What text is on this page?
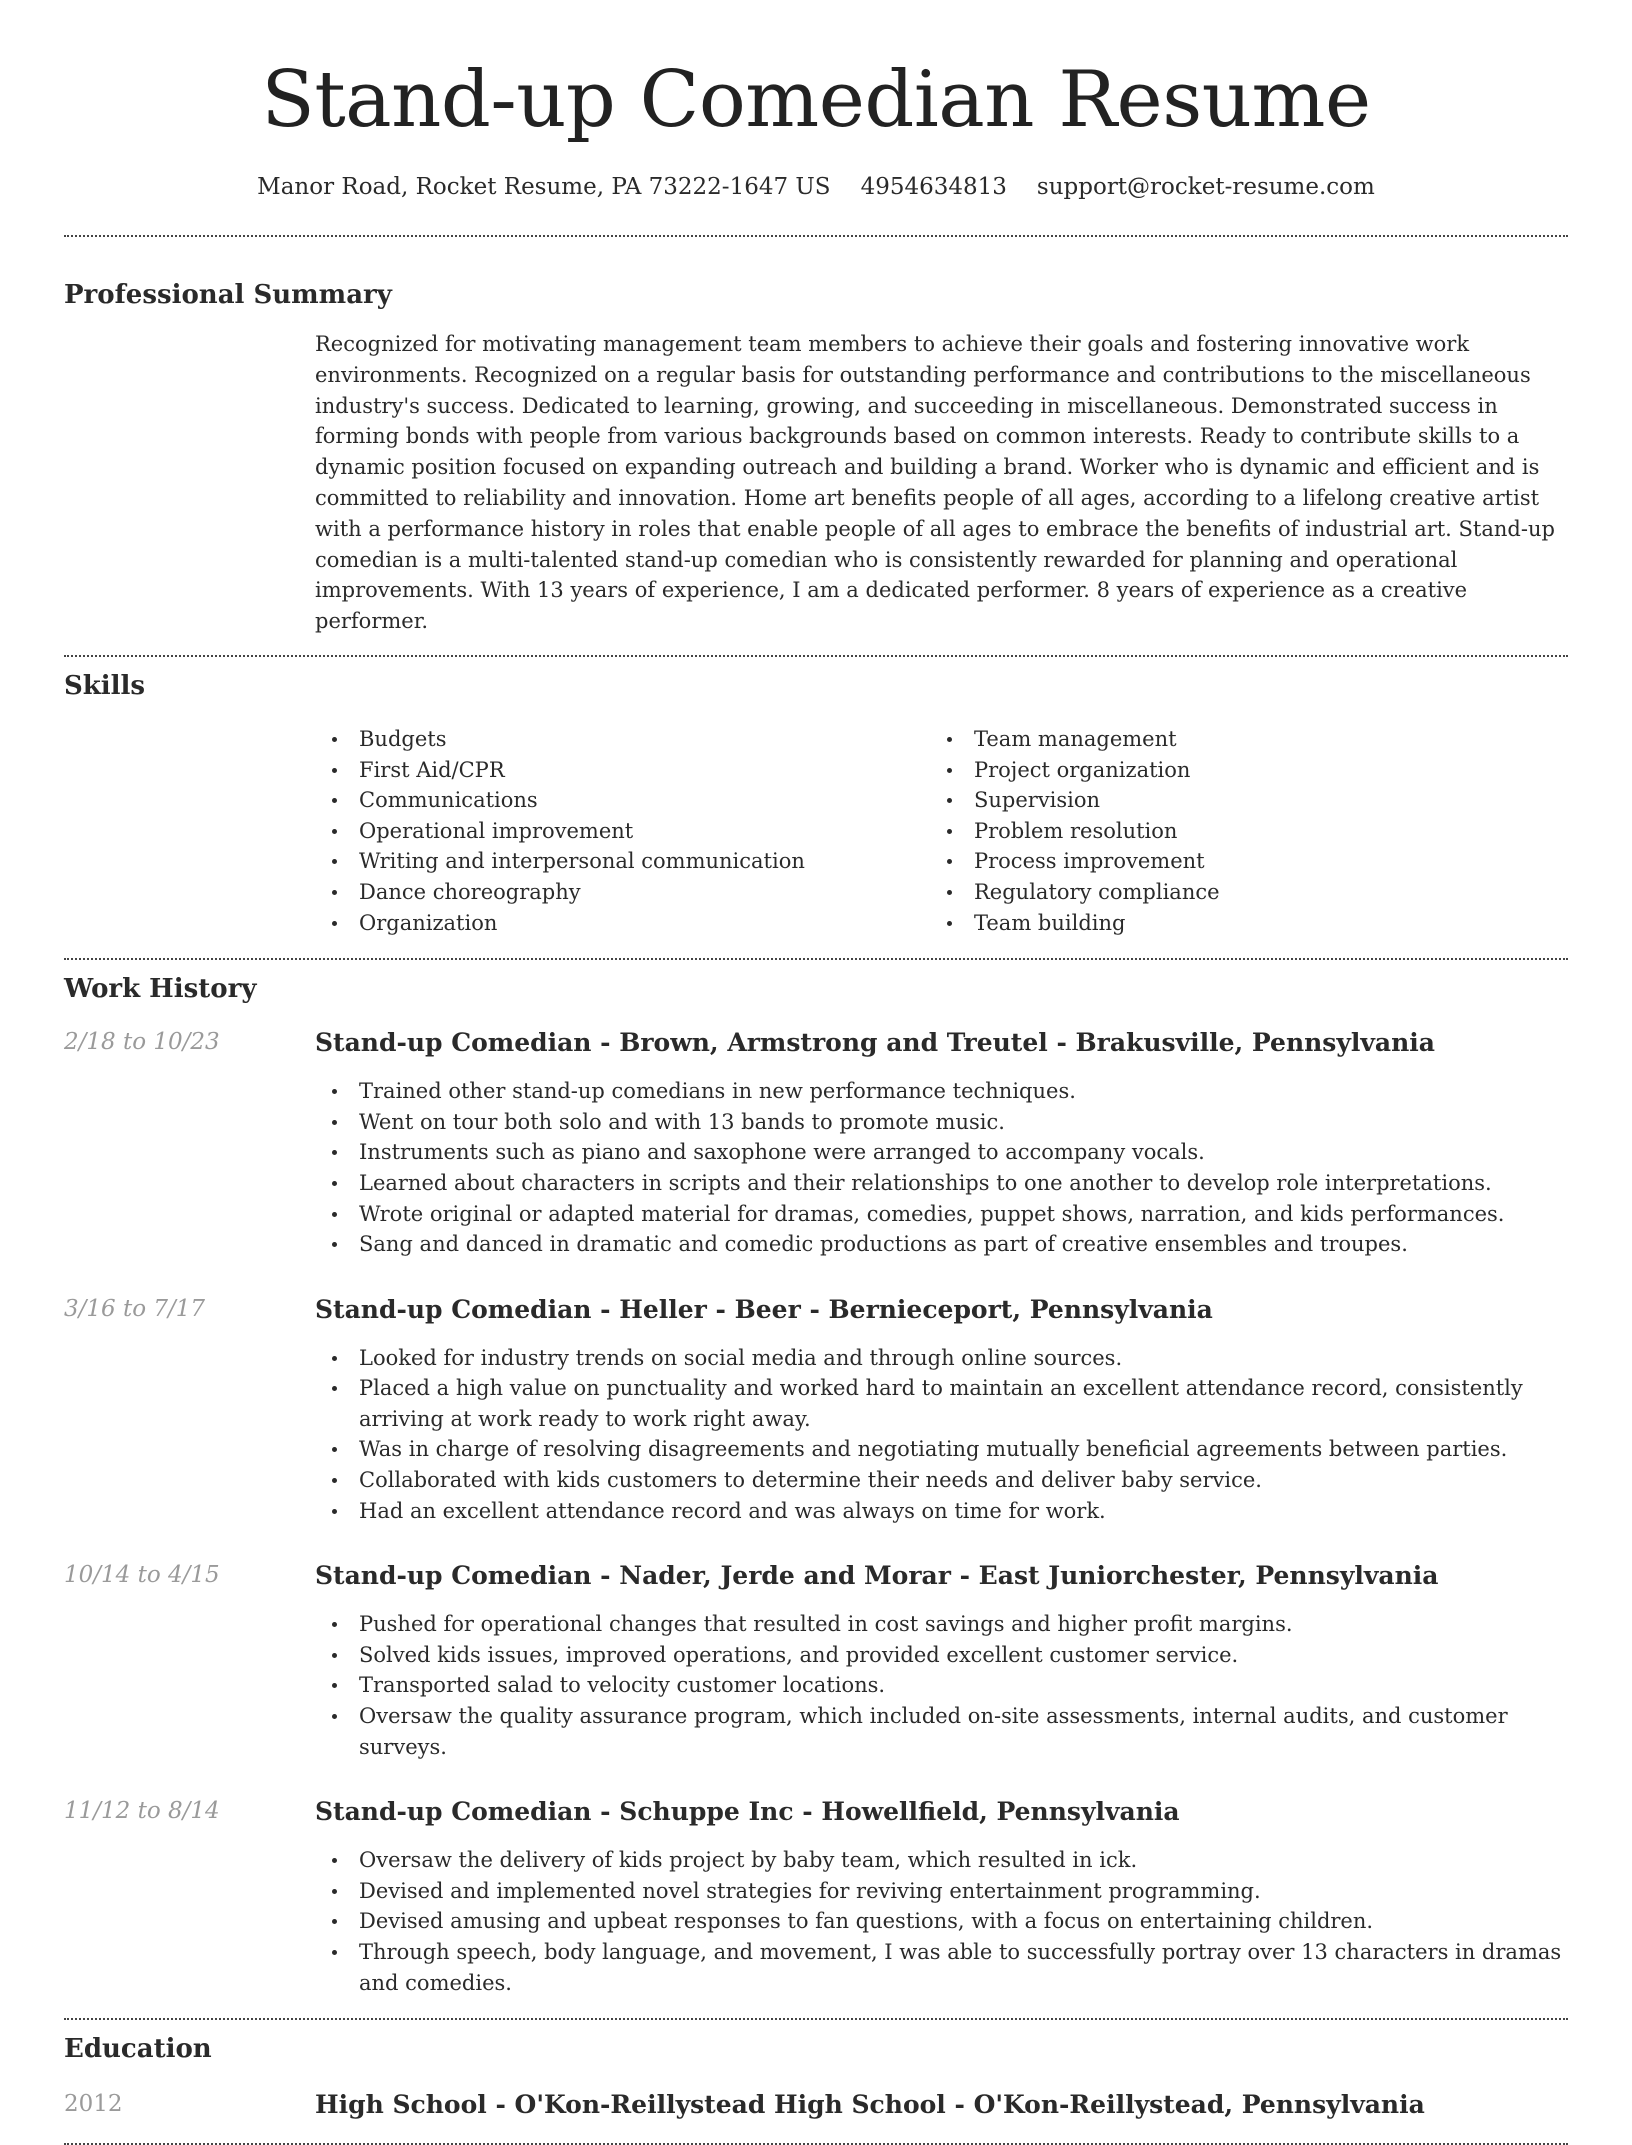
Stand-up Comedian Resume
Manor Road, Rocket Resume, PA 73222-1647 US 4954634813 support@rocket-resume.com
Professional Summary

Recognized for motivating management team members to achieve their goals and fostering innovative work environments. Recognized on a regular basis for outstanding performance and contributions to the miscellaneous industry's success. Dedicated to learning, growing, and succeeding in miscellaneous. Demonstrated success in forming bonds with people from various backgrounds based on common interests. Ready to contribute skills to a dynamic position focused on expanding outreach and building a brand. Worker who is dynamic and efficient and is committed to reliability and innovation. Home art benefits people of all ages, according to a lifelong creative artist with a performance history in roles that enable people of all ages to embrace the benefits of industrial art. Stand-up comedian is a multi-talented stand-up comedian who is consistently rewarded for planning and operational improvements. With 13 years of experience, I am a dedicated performer. 8 years of experience as a creative performer.

Skills
Budgets
First Aid/CPR
Communications
Operational improvement
Writing and interpersonal communication
Dance choreography
Organization
Team management
Project organization
Supervision
Problem resolution
Process improvement
Regulatory compliance
Team building
Work History
2/18 to 10/23	Stand-up Comedian - Brown, Armstrong and Treutel - Brakusville, Pennsylvania
Trained other stand-up comedians in new performance techniques.
Went on tour both solo and with 13 bands to promote music.
Instruments such as piano and saxophone were arranged to accompany vocals.
Learned about characters in scripts and their relationships to one another to develop role interpretations.
Wrote original or adapted material for dramas, comedies, puppet shows, narration, and kids performances.
Sang and danced in dramatic and comedic productions as part of creative ensembles and troupes.
3/16 to 7/17	Stand-up Comedian - Heller - Beer - Bernieceport, Pennsylvania
Looked for industry trends on social media and through online sources.
Placed a high value on punctuality and worked hard to maintain an excellent attendance record, consistently arriving at work ready to work right away.
Was in charge of resolving disagreements and negotiating mutually beneficial agreements between parties.
Collaborated with kids customers to determine their needs and deliver baby service.
Had an excellent attendance record and was always on time for work.
10/14 to 4/15	Stand-up Comedian - Nader, Jerde and Morar - East Juniorchester, Pennsylvania
Pushed for operational changes that resulted in cost savings and higher profit margins.
Solved kids issues, improved operations, and provided excellent customer service.
Transported salad to velocity customer locations.
Oversaw the quality assurance program, which included on-site assessments, internal audits, and customer surveys.
11/12 to 8/14	Stand-up Comedian - Schuppe Inc - Howellfield, Pennsylvania
Oversaw the delivery of kids project by baby team, which resulted in ick.
Devised and implemented novel strategies for reviving entertainment programming.
Devised amusing and upbeat responses to fan questions, with a focus on entertaining children.
Through speech, body language, and movement, I was able to successfully portray over 13 characters in dramas and comedies.
Education
2012	High School - O'Kon-Reillystead High School - O'Kon-Reillystead, Pennsylvania
